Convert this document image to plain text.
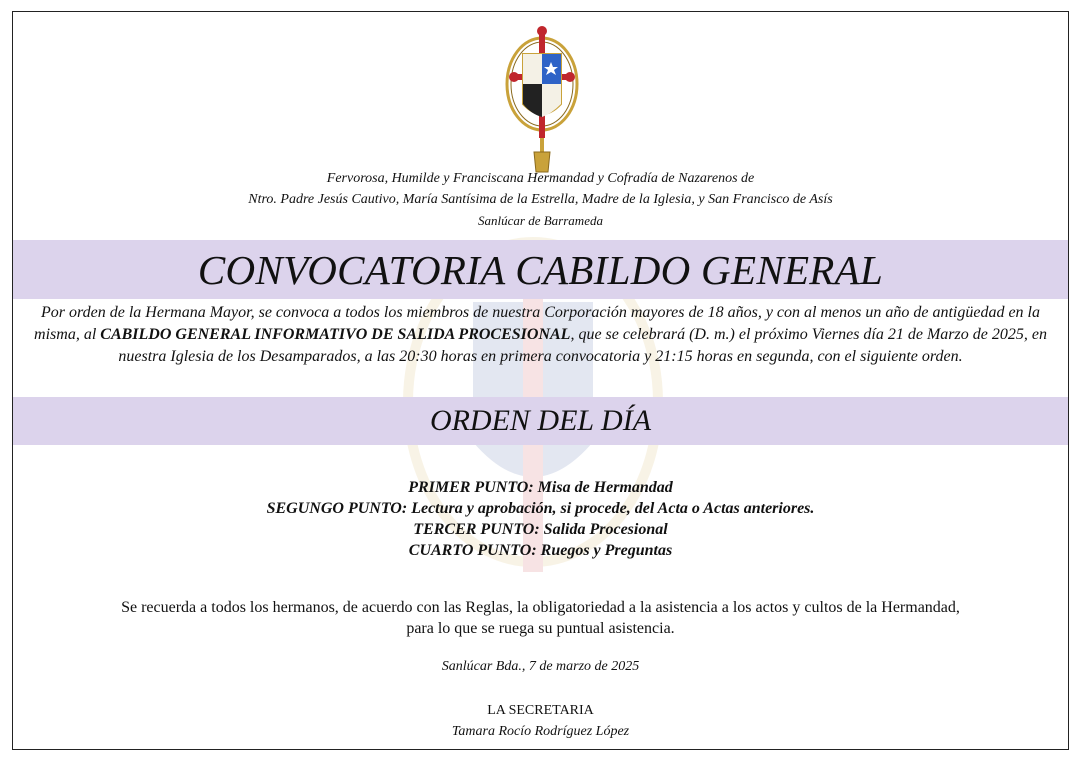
Fervorosa, Humilde y Franciscana Hermandad y Cofradía de Nazarenos de
Ntro. Padre Jesús Cautivo, María Santísima de la Estrella, Madre de la Iglesia, y San Francisco de Asís
Sanlúcar de Barrameda
CONVOCATORIA CABILDO GENERAL
Por orden de la Hermana Mayor, se convoca a todos los miembros de nuestra Corporación mayores de 18 años, y con al menos un año de antigüedad en la misma, al CABILDO GENERAL INFORMATIVO DE SALIDA PROCESIONAL, que se celebrará (D. m.) el próximo Viernes día 21 de Marzo de 2025, en nuestra Iglesia de los Desamparados, a las 20:30 horas en primera convocatoria y 21:15 horas en segunda, con el siguiente orden.
ORDEN DEL DÍA
PRIMER PUNTO: Misa de Hermandad
SEGUNGO PUNTO: Lectura y aprobación, si procede, del Acta o Actas anteriores.
TERCER PUNTO: Salida Procesional
CUARTO PUNTO: Ruegos y Preguntas
Se recuerda a todos los hermanos, de acuerdo con las Reglas, la obligatoriedad a la asistencia a los actos y cultos de la Hermandad,
para lo que se ruega su puntual asistencia.
Sanlúcar Bda., 7 de marzo de 2025
LA SECRETARIA
Tamara Rocío Rodríguez López
